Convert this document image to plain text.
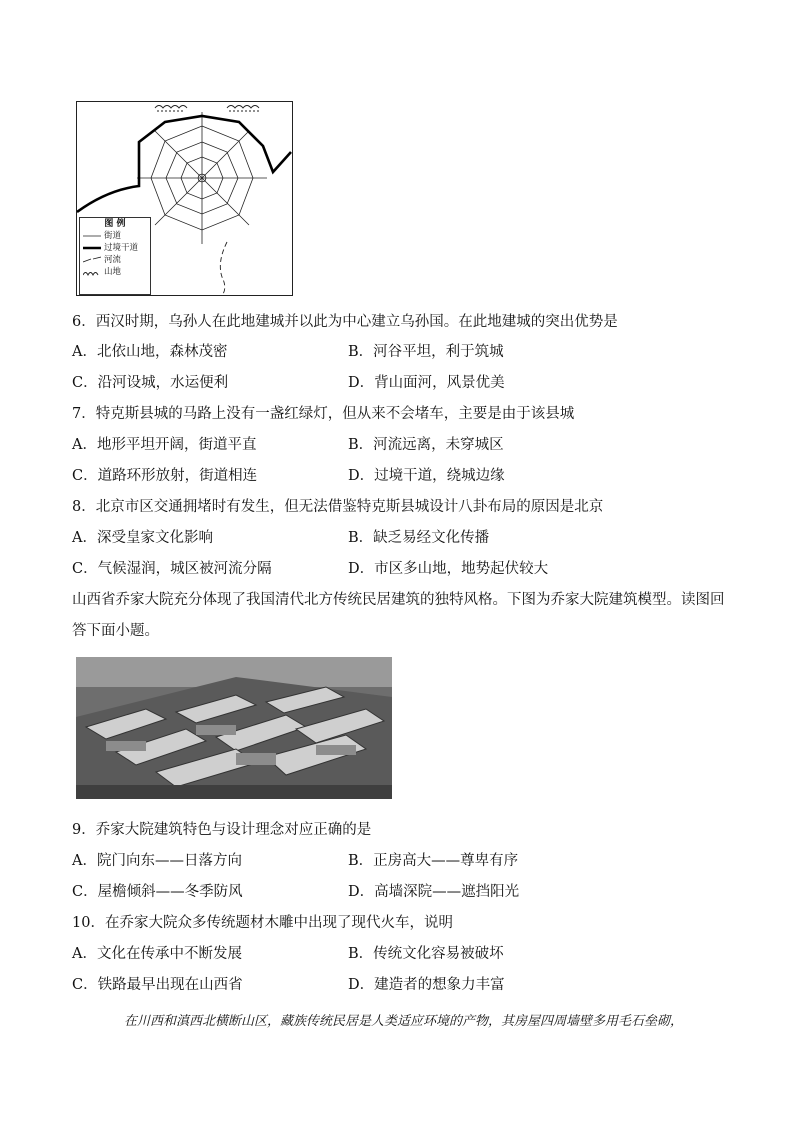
图 例
街道
过境干道
河流
山地
6．西汉时期，乌孙人在此地建城并以此为中心建立乌孙国。在此地建城的突出优势是
A．北依山地，森林茂密	B．河谷平坦，利于筑城
C．沿河设城，水运便利	D．背山面河，风景优美
7．特克斯县城的马路上没有一盏红绿灯，但从来不会堵车，主要是由于该县城
A．地形平坦开阔，街道平直	B．河流远离，未穿城区
C．道路环形放射，街道相连	D．过境干道，绕城边缘
8．北京市区交通拥堵时有发生，但无法借鉴特克斯县城设计八卦布局的原因是北京
A．深受皇家文化影响	B．缺乏易经文化传播
C．气候湿润，城区被河流分隔	D．市区多山地，地势起伏较大
山西省乔家大院充分体现了我国清代北方传统民居建筑的独特风格。下图为乔家大院建筑模型。读图回答下面小题。
9．乔家大院建筑特色与设计理念对应正确的是
A．院门向东——日落方向	B．正房高大——尊卑有序
C．屋檐倾斜——冬季防风	D．高墙深院——遮挡阳光
10．在乔家大院众多传统题材木雕中出现了现代火车，说明
A．文化在传承中不断发展	B．传统文化容易被破坏
C．铁路最早出现在山西省	D．建造者的想象力丰富
在川西和滇西北横断山区，藏族传统民居是人类适应环境的产物，其房屋四周墙壁多用毛石垒砌，
